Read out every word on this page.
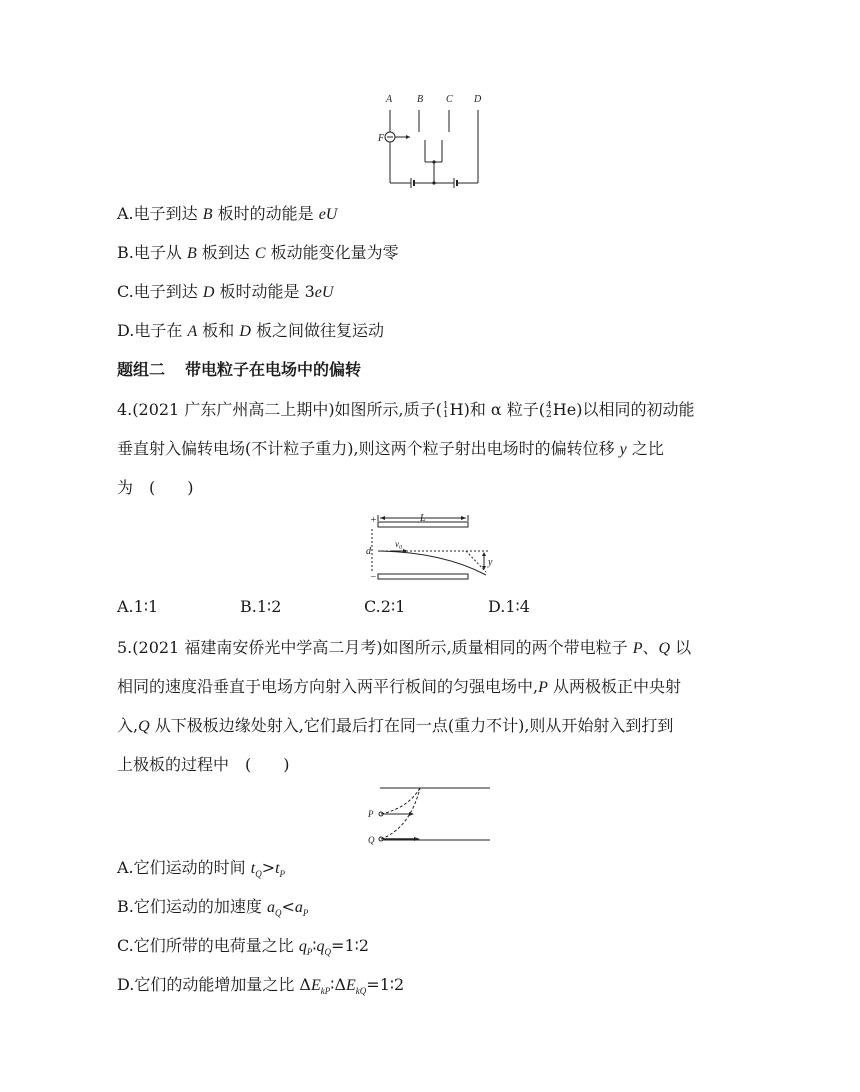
A B C D
F
A.电子到达 B 板时的动能是 eU
B.电子从 B 板到达 C 板动能变化量为零
C.电子到达 D 板时动能是 3eU
D.电子在 A 板和 D 板之间做往复运动
题组二 带电粒子在电场中的偏转
4.(2021 广东广州高二上期中)如图所示,质子( 1
1 H)和 α 粒子( 4
2 He)以相同的初动能
垂直射入偏转电场(不计粒子重力),则这两个粒子射出电场时的偏转位移 y 之比
为　(　　)
+
−
L
d
$v_0$
y
A.1∶1	B.1∶2	C.2∶1	D.1∶4
5.(2021 福建南安侨光中学高二月考)如图所示,质量相同的两个带电粒子 P、Q 以
相同的速度沿垂直于电场方向射入两平行板间的匀强电场中,P 从两极板正中央射
入,Q 从下极板边缘处射入,它们最后打在同一点(重力不计),则从开始射入到打到
上极板的过程中　(　　)
P
Q
A.它们运动的时间 $t_Q>t_P$
B.它们运动的加速度 $a_Q<a_P$
C.它们所带的电荷量之比 $q_P∶q_Q=1∶2$
D.它们的动能增加量之比 $\Delta E_{kP}∶\Delta E_{kQ}=1∶2$
